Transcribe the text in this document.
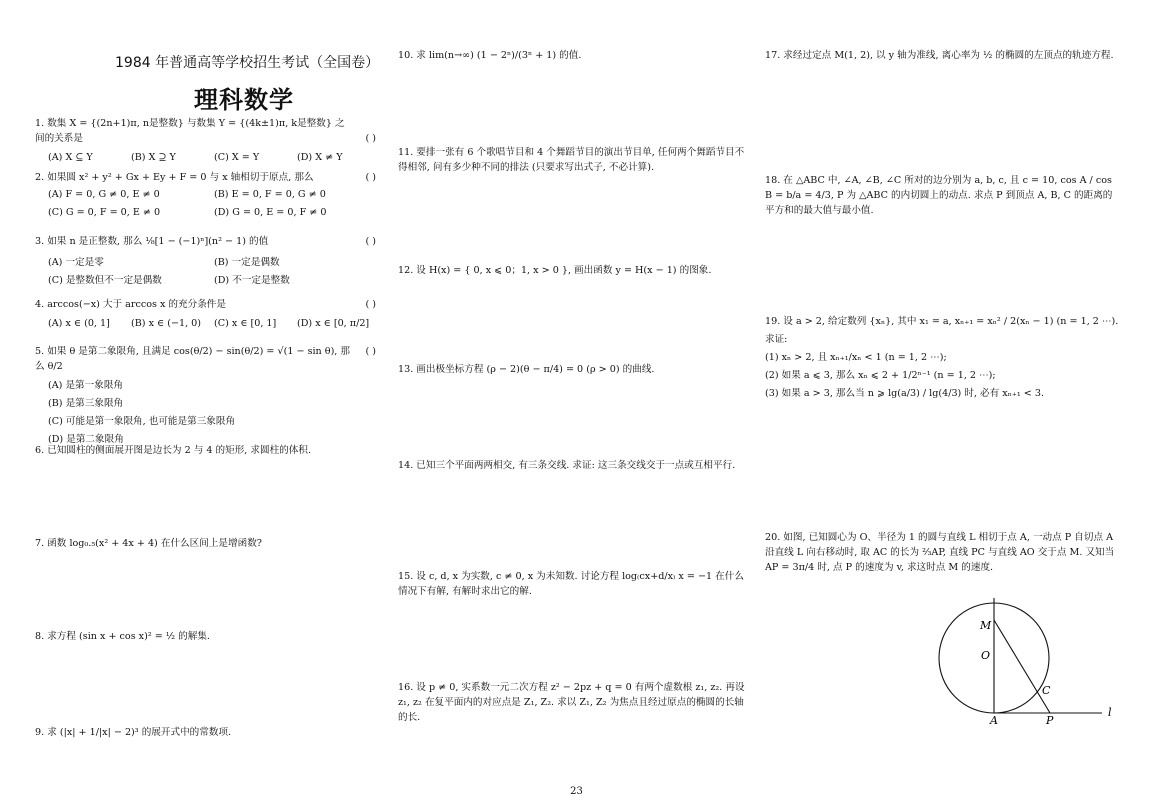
1984 年普通高等学校招生考试（全国卷）
理科数学
1. 数集 X = {(2n+1)π, n是整数} 与数集 Y = {(4k±1)π, k是整数} 之间的关系是	( )
(A) X ⊆ Y	(B) X ⊇ Y	(C) X = Y	(D) X ≠ Y
2. 如果圆 x² + y² + Gx + Ey + F = 0 与 x 轴相切于原点, 那么	( )
(A) F = 0, G ≠ 0, E ≠ 0	(B) E = 0, F = 0, G ≠ 0
(C) G = 0, F = 0, E ≠ 0	(D) G = 0, E = 0, F ≠ 0
3. 如果 n 是正整数, 那么 ⅛[1 − (−1)ⁿ](n² − 1) 的值	( )
(A) 一定是零	(B) 一定是偶数
(C) 是整数但不一定是偶数	(D) 不一定是整数
4. arccos(−x) 大于 arccos x 的充分条件是	( )
(A) x ∈ (0, 1]	(B) x ∈ (−1, 0)	(C) x ∈ [0, 1]	(D) x ∈ [0, π/2]
5. 如果 θ 是第二象限角, 且满足 cos(θ/2) − sin(θ/2) = √(1 − sin θ), 那么 θ/2
( )
(A) 是第一象限角
(B) 是第三象限角
(C) 可能是第一象限角, 也可能是第三象限角
(D) 是第二象限角
6. 已知圆柱的侧面展开图是边长为 2 与 4 的矩形, 求圆柱的体积.
7. 函数 log₀.₅(x² + 4x + 4) 在什么区间上是增函数?
8. 求方程 (sin x + cos x)² = ½ 的解集.
9. 求 (|x| + 1/|x| − 2)³ 的展开式中的常数项.
10. 求 lim(n→∞) (1 − 2ⁿ)/(3ⁿ + 1) 的值.
11. 要排一张有 6 个歌唱节目和 4 个舞蹈节目的演出节目单, 任何两个舞蹈节目不得相邻, 问有多少种不同的排法 (只要求写出式子, 不必计算).
12. 设 H(x) = { 0, x ⩽ 0；1, x > 0 }, 画出函数 y = H(x − 1) 的图象.
13. 画出极坐标方程 (ρ − 2)(θ − π/4) = 0 (ρ > 0) 的曲线.
14. 已知三个平面两两相交, 有三条交线. 求证: 这三条交线交于一点或互相平行.
15. 设 c, d, x 为实数, c ≠ 0, x 为未知数. 讨论方程 log₍cx+d/x₎ x = −1 在什么情况下有解, 有解时求出它的解.
16. 设 p ≠ 0, 实系数一元二次方程 z² − 2pz + q = 0 有两个虚数根 z₁, z₂. 再设 z₁, z₂ 在复平面内的对应点是 Z₁, Z₂. 求以 Z₁, Z₂ 为焦点且经过原点的椭圆的长轴的长.
17. 求经过定点 M(1, 2), 以 y 轴为准线, 离心率为 ½ 的椭圆的左顶点的轨迹方程.
18. 在 △ABC 中, ∠A, ∠B, ∠C 所对的边分别为 a, b, c, 且 c = 10, cos A / cos B = b/a = 4/3, P 为 △ABC 的内切圆上的动点. 求点 P 到顶点 A, B, C 的距离的平方和的最大值与最小值.
19. 设 a > 2, 给定数列 {xₙ}, 其中 x₁ = a, xₙ₊₁ = xₙ² / 2(xₙ − 1) (n = 1, 2 ⋯).
求证:
(1) xₙ > 2, 且 xₙ₊₁/xₙ < 1 (n = 1, 2 ⋯);
(2) 如果 a ⩽ 3, 那么 xₙ ⩽ 2 + 1/2ⁿ⁻¹ (n = 1, 2 ⋯);
(3) 如果 a > 3, 那么当 n ⩾ lg(a/3) / lg(4/3) 时, 必有 xₙ₊₁ < 3.
20. 如图, 已知圆心为 O、半径为 1 的圆与直线 L 相切于点 A, 一动点 P 自切点 A 沿直线 L 向右移动时, 取 AC 的长为 ⅔AP, 直线 PC 与直线 AO 交于点 M. 又知当 AP = 3π/4 时, 点 P 的速度为 v, 求这时点 M 的速度.
M
O
C
A	P
l
23
